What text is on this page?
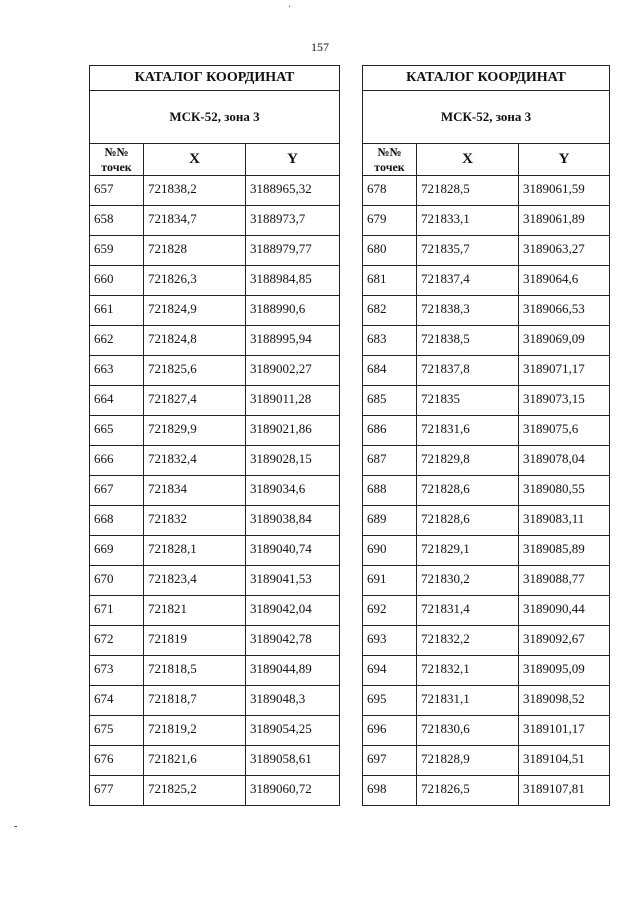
'
157
КАТАЛОГ КООРДИНАТ		
МСК-52, зона 3		

№№
точек	X	Y
657	721838,2	3188965,32
658	721834,7	3188973,7
659	721828	3188979,77
660	721826,3	3188984,85
661	721824,9	3188990,6
662	721824,8	3188995,94
663	721825,6	3189002,27
664	721827,4	3189011,28
665	721829,9	3189021,86
666	721832,4	3189028,15
667	721834	3189034,6
668	721832	3189038,84
669	721828,1	3189040,74
670	721823,4	3189041,53
671	721821	3189042,04
672	721819	3189042,78
673	721818,5	3189044,89
674	721818,7	3189048,3
675	721819,2	3189054,25
676	721821,6	3189058,61
677	721825,2	3189060,72
КАТАЛОГ КООРДИНАТ		
МСК-52, зона 3		

№№
точек	X	Y
678	721828,5	3189061,59
679	721833,1	3189061,89
680	721835,7	3189063,27
681	721837,4	3189064,6
682	721838,3	3189066,53
683	721838,5	3189069,09
684	721837,8	3189071,17
685	721835	3189073,15
686	721831,6	3189075,6
687	721829,8	3189078,04
688	721828,6	3189080,55
689	721828,6	3189083,11
690	721829,1	3189085,89
691	721830,2	3189088,77
692	721831,4	3189090,44
693	721832,2	3189092,67
694	721832,1	3189095,09
695	721831,1	3189098,52
696	721830,6	3189101,17
697	721828,9	3189104,51
698	721826,5	3189107,81
-
